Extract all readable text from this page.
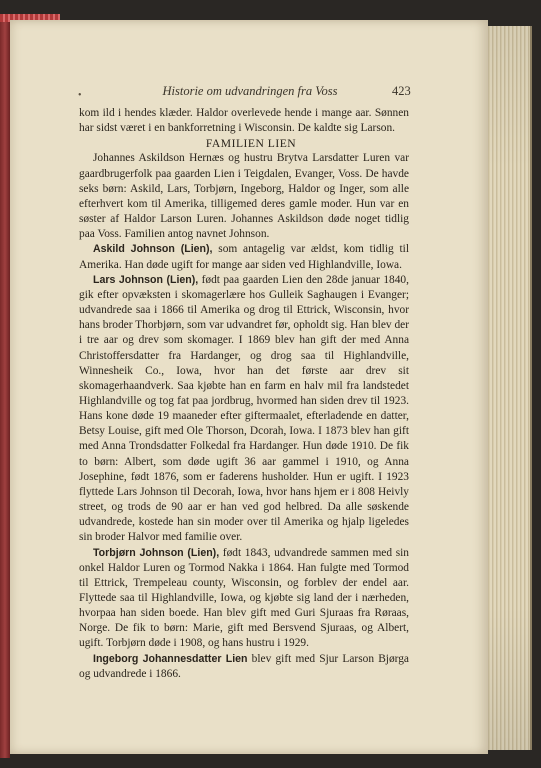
•	Historie om udvandringen fra Voss	423

kom ild i hendes klæder. Haldor overlevede hende i mange aar. Sønnen har sidst været i en bankforretning i Wisconsin. De kaldte sig Larson.

FAMILIEN LIEN

Johannes Askildson Hernæs og hustru Brytva Larsdatter Luren var gaardbrugerfolk paa gaarden Lien i Teigdalen, Evanger, Voss. De havde seks børn: Askild, Lars, Torbjørn, Ingeborg, Haldor og Inger, som alle efterhvert kom til Amerika, tilligemed deres gamle moder. Hun var en søster af Haldor Larson Luren. Johannes Askildson døde noget tidlig paa Voss. Familien antog navnet Johnson.

Askild Johnson (Lien), som antagelig var ældst, kom tidlig til Amerika. Han døde ugift for mange aar siden ved Highlandville, Iowa.

Lars Johnson (Lien), født paa gaarden Lien den 28de januar 1840, gik efter opvæksten i skomagerlære hos Gulleik Saghaugen i Evanger; udvandrede saa i 1866 til Amerika og drog til Ettrick, Wisconsin, hvor hans broder Thorbjørn, som var udvandret før, opholdt sig. Han blev der i tre aar og drev som skomager. I 1869 blev han gift der med Anna Christoffersdatter fra Hardanger, og drog saa til Highlandville, Winnesheik Co., Iowa, hvor han det første aar drev sit skomagerhaandverk. Saa kjøbte han en farm en halv mil fra landstedet Highlandville og tog fat paa jordbrug, hvormed han siden drev til 1923. Hans kone døde 19 maaneder efter giftermaalet, efterladende en datter, Betsy Louise, gift med Ole Thorson, Dcorah, Iowa. I 1873 blev han gift med Anna Trondsdatter Folkedal fra Hardanger. Hun døde 1910. De fik to børn: Albert, som døde ugift 36 aar gammel i 1910, og Anna Josephine, født 1876, som er faderens husholder. Hun er ugift. I 1923 flyttede Lars Johnson til Decorah, Iowa, hvor hans hjem er i 808 Heivly street, og trods de 90 aar er han ved god helbred. Da alle søskende udvandrede, kostede han sin moder over til Amerika og hjalp ligeledes sin broder Halvor med familie over.

Torbjørn Johnson (Lien), født 1843, udvandrede sammen med sin onkel Haldor Luren og Tormod Nakka i 1864. Han fulgte med Tormod til Ettrick, Trempeleau county, Wisconsin, og forblev der endel aar. Flyttede saa til Highlandville, Iowa, og kjøbte sig land der i nærheden, hvorpaa han siden boede. Han blev gift med Guri Sjuraas fra Røraas, Norge. De fik to børn: Marie, gift med Bersvend Sjuraas, og Albert, ugift. Torbjørn døde i 1908, og hans hustru i 1929.

Ingeborg Johannesdatter Lien blev gift med Sjur Larson Bjørga og udvandrede i 1866.
